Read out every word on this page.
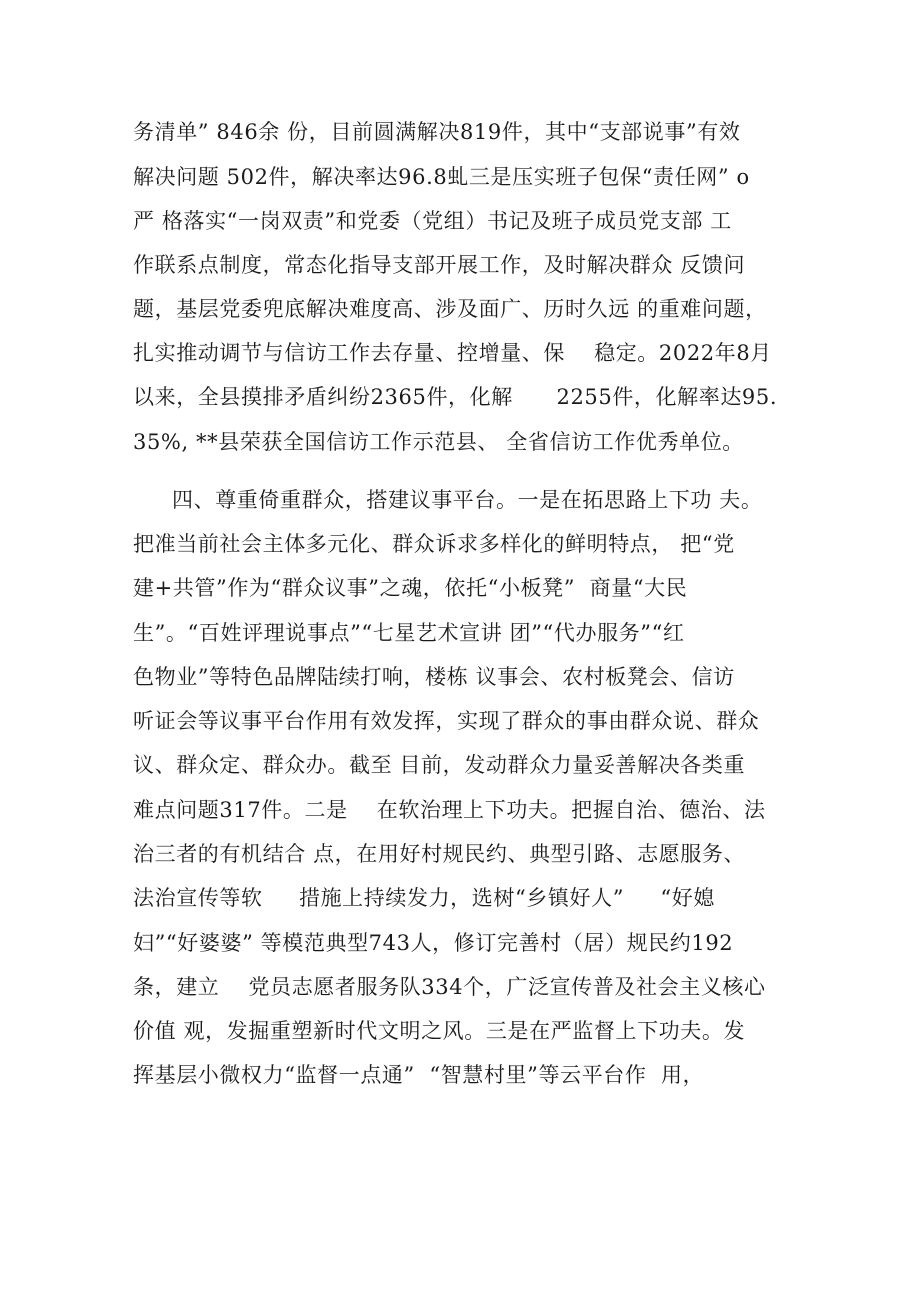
务清单” 846余 份，目前圆满解决819件，其中“支部说事”有效
解决问题 502件，解决率达96.8虬三是压实班子包保“责任网” o
严 格落实“一岗双责”和党委（党组）书记及班子成员党支部 工
作联系点制度，常态化指导支部开展工作，及时解决群众 反馈问
题，基层党委兜底解决难度高、涉及面广、历时久远 的重难问题，
扎实推动调节与信访工作去存量、控增量、保    稳定。2022年8月
以来，全县摸排矛盾纠纷2365件，化解      2255件，化解率达95.
35%, **县荣获全国信访工作示范县、 全省信访工作优秀单位。
四、尊重倚重群众，搭建议事平台。一是在拓思路上下功 夫。
把准当前社会主体多元化、群众诉求多样化的鲜明特点， 把“党
建+共管”作为“群众议事”之魂，依托“小板凳”  商量“大民
生”。“百姓评理说事点”“七星艺术宣讲 团”“代办服务”“红
色物业”等特色品牌陆续打响，楼栋 议事会、农村板凳会、信访
听证会等议事平台作用有效发挥，实现了群众的事由群众说、群众
议、群众定、群众办。截至 目前，发动群众力量妥善解决各类重
难点问题317件。二是    在软治理上下功夫。把握自治、德治、法
治三者的有机结合 点，在用好村规民约、典型引路、志愿服务、
法治宣传等软     措施上持续发力，选树“乡镇好人”     “好媳
妇”“好婆婆” 等模范典型743人，修订完善村（居）规民约192
条，建立    党员志愿者服务队334个，广泛宣传普及社会主义核心
价值 观，发掘重塑新时代文明之风。三是在严监督上下功夫。发
挥基层小微权力“监督一点通”  “智慧村里”等云平台作  用，
